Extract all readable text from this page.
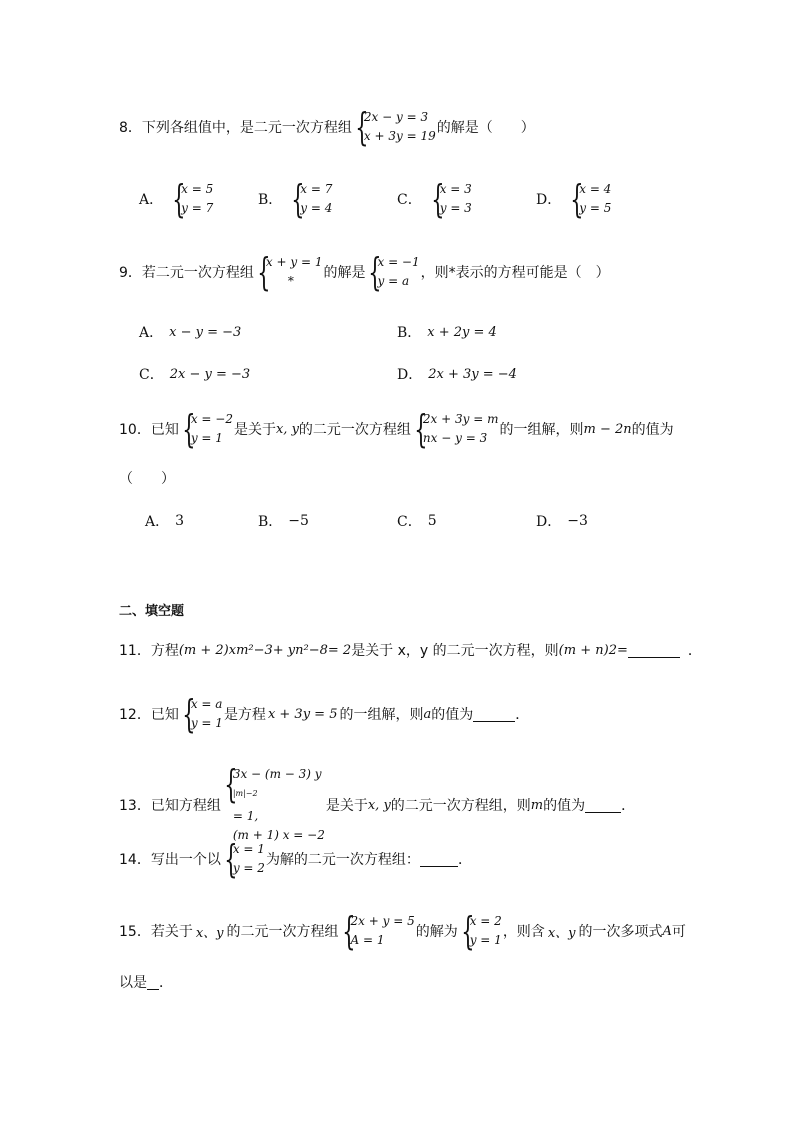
8． 下列各组值中，是二元一次方程组 {
2x − y = 3
x + 3y = 19 的解是（　　）
A． {
x = 5
y = 7	B． {
x = 7
y = 4	C． {
x = 3
y = 3	D． {
x = 4
y = 5
9． 若二元一次方程组 {
x + y = 1
*	的解是 {
x = −1
y = a ，则*表示的方程可能是（　）
A． x − y = −3	B． x + 2y = 4
C． 2x − y = −3	D． 2x + 3y = −4
10． 已知 {
x = −2
y = 1 是关于 x, y 的二元一次方程组 {
2x + 3y = m
nx − y = 3 的一组解，则 m − 2n 的值为
（　　）
A． 3	B． −5	C． 5	D． −3
二、填空题
11． 方程 (m + 2)x m²−3 + y n²−8 = 2 是关于 x，y 的二元一次方程，则 (m + n) 2 =	．
12． 已知 {
x = a
y = 1 是方程 x + 3y = 5 的一组解，则 a 的值为	．
13． 已知方程组 {
3x − (m − 3) y
$^{|m|-2}$
= 1,
(m + 1) x = −2
是关于 x, y 的二元一次方程组，则 m 的值为	．
14． 写出一个以 {
x = 1
y = 2 为解的二元一次方程组：	．
15． 若关于 x、y 的二元一次方程组 {
2x + y = 5
A = 1	的解为 {
x = 2
y = 1 ，则含 x、y 的一次多项式 A 可
以是 ．
